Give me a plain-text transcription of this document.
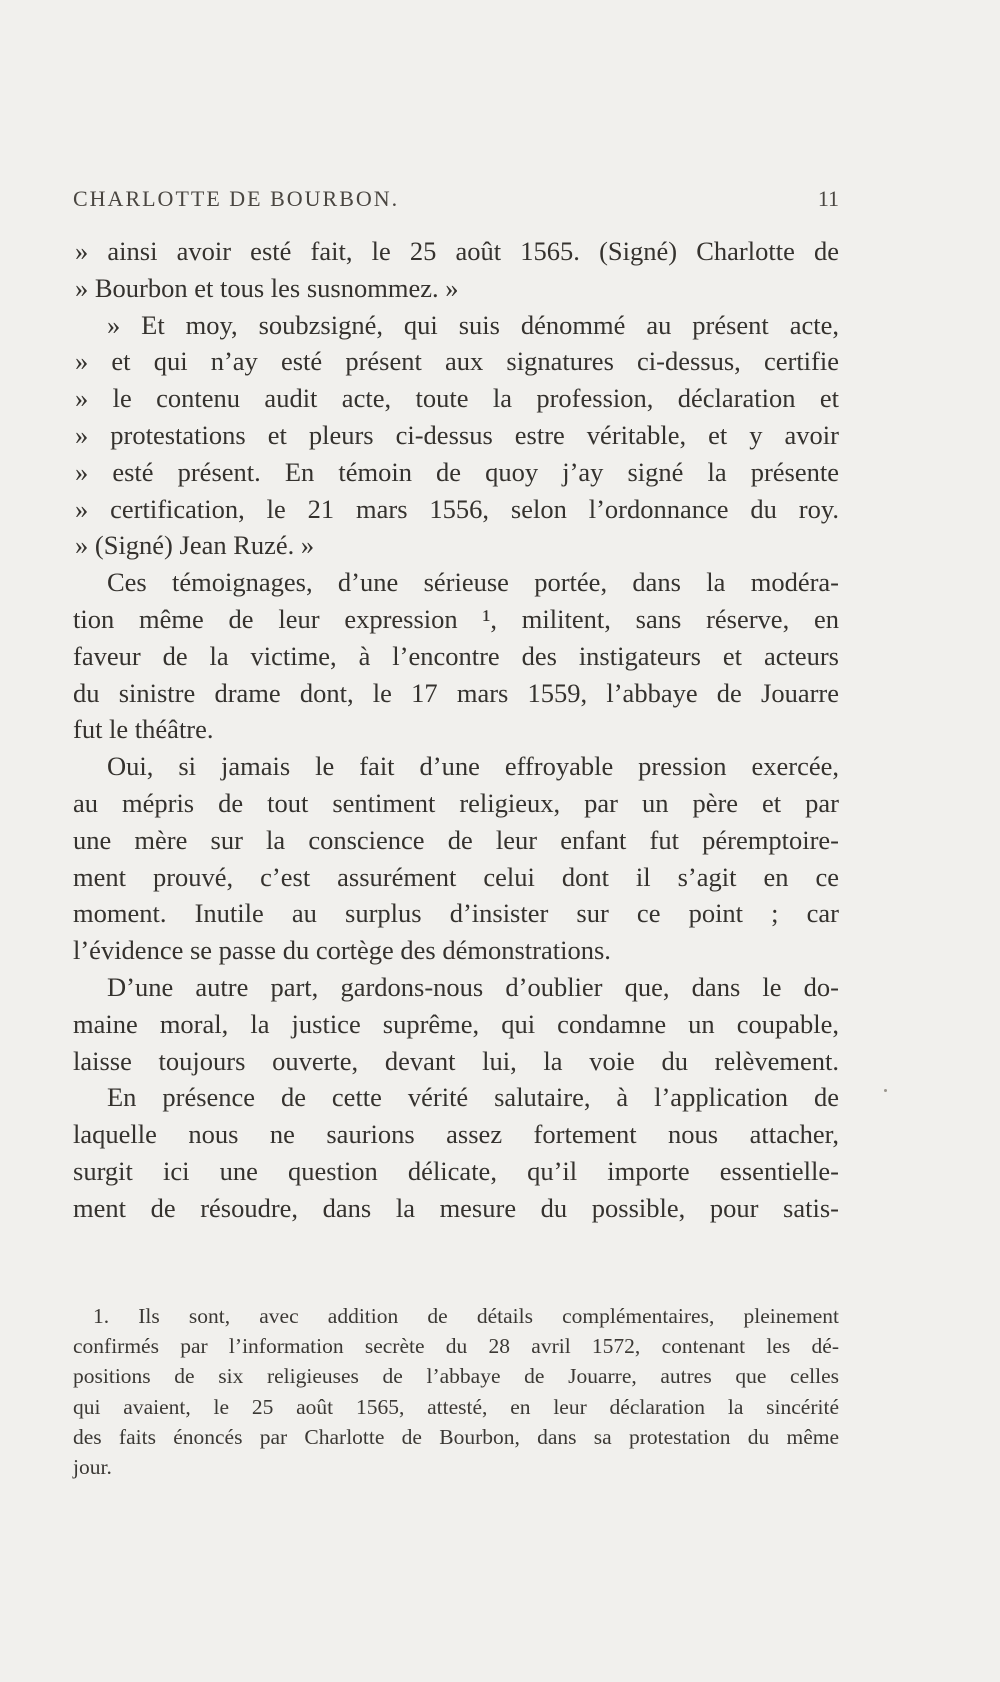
CHARLOTTE DE BOURBON.	11
» ainsi avoir esté fait, le 25 août 1565. (Signé) Charlotte de
» Bourbon et tous les susnommez. »
» Et moy, soubzsigné, qui suis dénommé au présent acte,
» et qui n’ay esté présent aux signatures ci-dessus, certifie
» le contenu audit acte, toute la profession, déclaration et
» protestations et pleurs ci-dessus estre véritable, et y avoir
» esté présent. En témoin de quoy j’ay signé la présente
» certification, le 21 mars 1556, selon l’ordonnance du roy.
» (Signé) Jean Ruzé. »
Ces témoignages, d’une sérieuse portée, dans la modéra-
tion même de leur expression ¹, militent, sans réserve, en
faveur de la victime, à l’encontre des instigateurs et acteurs
du sinistre drame dont, le 17 mars 1559, l’abbaye de Jouarre
fut le théâtre.
Oui, si jamais le fait d’une effroyable pression exercée,
au mépris de tout sentiment religieux, par un père et par
une mère sur la conscience de leur enfant fut péremptoire-
ment prouvé, c’est assurément celui dont il s’agit en ce
moment. Inutile au surplus d’insister sur ce point ; car
l’évidence se passe du cortège des démonstrations.
D’une autre part, gardons-nous d’oublier que, dans le do-
maine moral, la justice suprême, qui condamne un coupable,
laisse toujours ouverte, devant lui, la voie du relèvement.
En présence de cette vérité salutaire, à l’application de
laquelle nous ne saurions assez fortement nous attacher,
surgit ici une question délicate, qu’il importe essentielle-
ment de résoudre, dans la mesure du possible, pour satis-
1. Ils sont, avec addition de détails complémentaires, pleinement
confirmés par l’information secrète du 28 avril 1572, contenant les dé-
positions de six religieuses de l’abbaye de Jouarre, autres que celles
qui avaient, le 25 août 1565, attesté, en leur déclaration la sincérité
des faits énoncés par Charlotte de Bourbon, dans sa protestation du même
jour.
